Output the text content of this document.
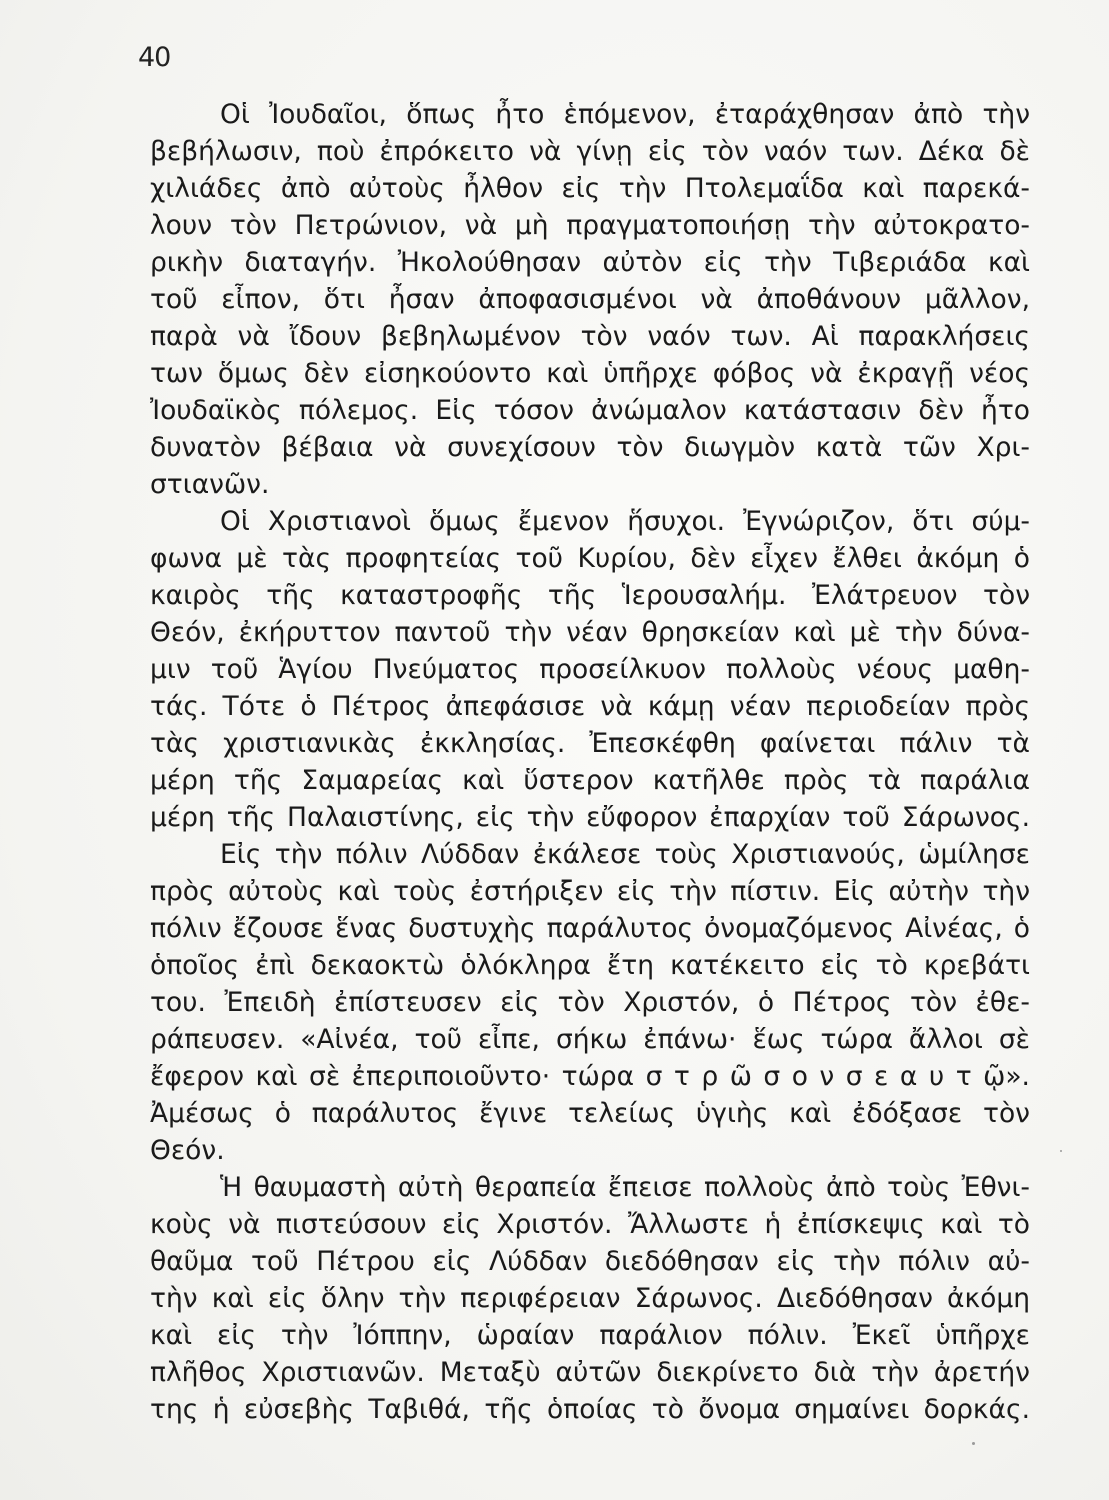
40
Οἱ Ἰουδαῖοι, ὅπως ἦτο ἑπόμενον, ἐταράχθησαν ἀπὸ τὴν
βεβήλωσιν, ποὺ ἐπρόκειτο νὰ γίνῃ εἰς τὸν ναόν των. Δέκα δὲ
χιλιάδες ἀπὸ αὐτοὺς ἦλθον εἰς τὴν Πτολεμαΐδα καὶ παρεκά-
λουν τὸν Πετρώνιον, νὰ μὴ πραγματοποιήσῃ τὴν αὐτοκρατο-
ρικὴν διαταγήν. Ἠκολούθησαν αὐτὸν εἰς τὴν Τιβεριάδα καὶ
τοῦ εἶπον, ὅτι ἦσαν ἀποφασισμένοι νὰ ἀποθάνουν μᾶλλον,
παρὰ νὰ ἴδουν βεβηλωμένον τὸν ναόν των. Αἱ παρακλήσεις
των ὅμως δὲν εἰσηκούοντο καὶ ὑπῆρχε φόβος νὰ ἐκραγῇ νέος
Ἰουδαϊκὸς πόλεμος. Εἰς τόσον ἀνώμαλον κατάστασιν δὲν ἦτο
δυνατὸν βέβαια νὰ συνεχίσουν τὸν διωγμὸν κατὰ τῶν Χρι-
στιανῶν.
Οἱ Χριστιανοὶ ὅμως ἔμενον ἥσυχοι. Ἐγνώριζον, ὅτι σύμ-
φωνα μὲ τὰς προφητείας τοῦ Κυρίου, δὲν εἶχεν ἔλθει ἀκόμη ὁ
καιρὸς τῆς καταστροφῆς τῆς Ἱερουσαλήμ. Ἐλάτρευον τὸν
Θεόν, ἐκήρυττον παντοῦ τὴν νέαν θρησκείαν καὶ μὲ τὴν δύνα-
μιν τοῦ Ἁγίου Πνεύματος προσείλκυον πολλοὺς νέους μαθη-
τάς. Τότε ὁ Πέτρος ἀπεφάσισε νὰ κάμῃ νέαν περιοδείαν πρὸς
τὰς χριστιανικὰς ἐκκλησίας. Ἐπεσκέφθη φαίνεται πάλιν τὰ
μέρη τῆς Σαμαρείας καὶ ὕστερον κατῆλθε πρὸς τὰ παράλια
μέρη τῆς Παλαιστίνης, εἰς τὴν εὔφορον ἐπαρχίαν τοῦ Σάρωνος.
Εἰς τὴν πόλιν Λύδδαν ἐκάλεσε τοὺς Χριστιανούς, ὡμίλησε
πρὸς αὐτοὺς καὶ τοὺς ἐστήριξεν εἰς τὴν πίστιν. Εἰς αὐτὴν τὴν
πόλιν ἔζουσε ἕνας δυστυχὴς παράλυτος ὀνομαζόμενος Αἰνέας, ὁ
ὁποῖος ἐπὶ δεκαοκτὼ ὁλόκληρα ἔτη κατέκειτο εἰς τὸ κρεβάτι
του. Ἐπειδὴ ἐπίστευσεν εἰς τὸν Χριστόν, ὁ Πέτρος τὸν ἐθε-
ράπευσεν. «Αἰνέα, τοῦ εἶπε, σήκω ἐπάνω· ἕως τώρα ἄλλοι σὲ
ἔφερον καὶ σὲ ἐπεριποιοῦντο· τώρα σ τ ρ ῶ σ ο ν σ ε α υ τ ῷ».
Ἀμέσως ὁ παράλυτος ἔγινε τελείως ὑγιὴς καὶ ἐδόξασε τὸν
Θεόν.
Ἡ θαυμαστὴ αὐτὴ θεραπεία ἔπεισε πολλοὺς ἀπὸ τοὺς Ἐθνι-
κοὺς νὰ πιστεύσουν εἰς Χριστόν. Ἄλλωστε ἡ ἐπίσκεψις καὶ τὸ
θαῦμα τοῦ Πέτρου εἰς Λύδδαν διεδόθησαν εἰς τὴν πόλιν αὐ-
τὴν καὶ εἰς ὅλην τὴν περιφέρειαν Σάρωνος. Διεδόθησαν ἀκόμη
καὶ εἰς τὴν Ἰόππην, ὡραίαν παράλιον πόλιν. Ἐκεῖ ὑπῆρχε
πλῆθος Χριστιανῶν. Μεταξὺ αὐτῶν διεκρίνετο διὰ τὴν ἀρετήν
της ἡ εὐσεβὴς Ταβιθά, τῆς ὁποίας τὸ ὄνομα σημαίνει δορκάς.
